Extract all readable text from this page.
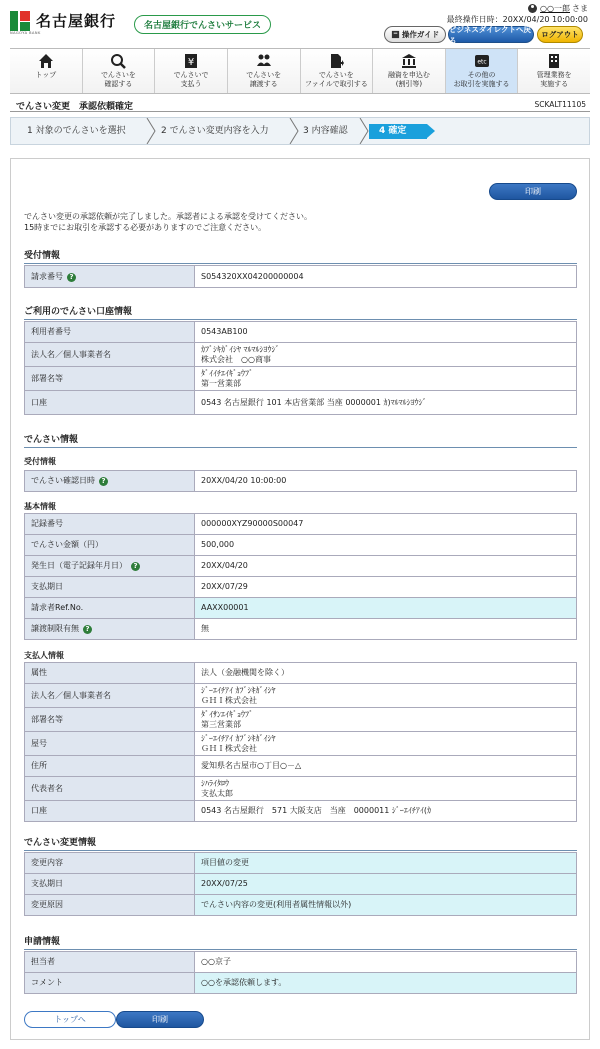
名古屋銀行
NAGOYA BANK
名古屋銀行でんさいサービス
○○一郎 さま
最終操作日時：20XX/04/20 10:00:00
操作ガイド
ビジネスダイレクトへ戻る
ログアウト
トップ	でんさいを
確認する
¥
でんさいで
支払う
でんさいを
譲渡する
でんさいを
ファイルで取引する
融資を申込む
(割引等)
etc
その他の
お取引を実施する
管理業務を
実施する
でんさい変更　承認依頼確定	SCKALT11105
1 対象のでんさいを選択	2 でんさい変更内容を入力	3 内容確認	4 確定
印刷
でんさい変更の承認依頼が完了しました。承認者による承認を受けてください。
15時までにお取引を承認する必要がありますのでご注意ください。
受付情報
請求番号 ?	S054320XX04200000004
ご利用のでんさい口座情報
利用者番号	0543AB100
法人名／個人事業者名	ｶﾌﾞｼｷｶﾞｲｼﾔ ﾏﾙﾏﾙｼﾖｳｼﾞ
株式会社　○○商事
部署名等	ﾀﾞｲｲﾁｴｲｷﾞｮｳﾌﾞ
第一営業部
口座	0543 名古屋銀行 101 本店営業部 当座 0000001 ｶ)ﾏﾙﾏﾙｼﾖｳｼﾞ
でんさい情報
受付情報
でんさい確認日時 ?	20XX/04/20 10:00:00
基本情報
記録番号	000000XYZ90000S00047
でんさい金額（円）	500,000
発生日（電子記録年月日） ?	20XX/04/20
支払期日	20XX/07/29
請求者Ref.No.	AAXX00001
譲渡制限有無 ?	無
支払人情報
属性	法人（金融機関を除く）
法人名／個人事業者名	ｼﾞｰｴｲﾁｱｲ ｶﾌﾞｼｷｶﾞｲｼﾔ
ＧＨＩ株式会社
部署名等	ﾀﾞｲｻﾝｴｲｷﾞｮｳﾌﾞ
第三営業部
屋号	ｼﾞｰｴｲﾁｱｲ ｶﾌﾞｼｷｶﾞｲｼﾔ
ＧＨＩ株式会社
住所	愛知県名古屋市○丁目○－△
代表者名	ｼﾊﾗｲﾀﾛｳ
支払太郎
口座	0543 名古屋銀行　571 大阪支店　当座　0000011 ｼﾞｰｴｲﾁｱｲ(ｶ
でんさい変更情報
変更内容	項目値の変更
支払期日	20XX/07/25
変更原因	でんさい内容の変更(利用者属性情報以外)
申請情報
担当者	○○京子
コメント	○○を承認依頼します。
トップへ	印刷
